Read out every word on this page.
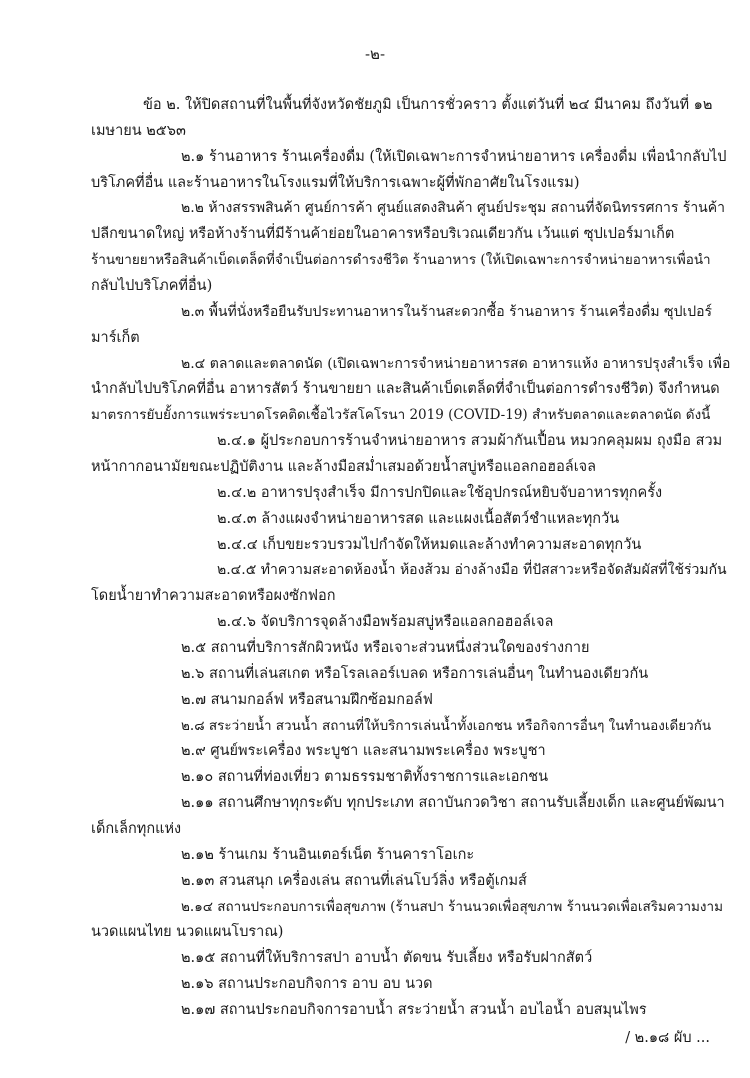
-๒-
ข้อ ๒. ให้ปิดสถานที่ในพื้นที่จังหวัดชัยภูมิ เป็นการชั่วคราว ตั้งแต่วันที่ ๒๔ มีนาคม ถึงวันที่ ๑๒
เมษายน ๒๕๖๓
๒.๑ ร้านอาหาร ร้านเครื่องดื่ม (ให้เปิดเฉพาะการจำหน่ายอาหาร เครื่องดื่ม เพื่อนำกลับไป
บริโภคที่อื่น และร้านอาหารในโรงแรมที่ให้บริการเฉพาะผู้ที่พักอาศัยในโรงแรม)
๒.๒ ห้างสรรพสินค้า ศูนย์การค้า ศูนย์แสดงสินค้า ศูนย์ประชุม สถานที่จัดนิทรรศการ ร้านค้า
ปลีกขนาดใหญ่ หรือห้างร้านที่มีร้านค้าย่อยในอาคารหรือบริเวณเดียวกัน เว้นแต่ ซุปเปอร์มาเก็ต
ร้านขายยาหรือสินค้าเบ็ดเตล็ดที่จำเป็นต่อการดำรงชีวิต ร้านอาหาร (ให้เปิดเฉพาะการจำหน่ายอาหารเพื่อนำ
กลับไปบริโภคที่อื่น)
๒.๓ พื้นที่นั่งหรือยืนรับประทานอาหารในร้านสะดวกซื้อ ร้านอาหาร ร้านเครื่องดื่ม ซุปเปอร์
มาร์เก็ต
๒.๔ ตลาดและตลาดนัด (เปิดเฉพาะการจำหน่ายอาหารสด อาหารแห้ง อาหารปรุงสำเร็จ เพื่อ
นำกลับไปบริโภคที่อื่น อาหารสัตว์ ร้านขายยา และสินค้าเบ็ดเตล็ดที่จำเป็นต่อการดำรงชีวิต) จึงกำหนด
มาตรการยับยั้งการแพร่ระบาดโรคติดเชื้อไวรัสโคโรนา 2019 (COVID-19) สำหรับตลาดและตลาดนัด ดังนี้
๒.๔.๑ ผู้ประกอบการร้านจำหน่ายอาหาร สวมผ้ากันเปื้อน หมวกคลุมผม ถุงมือ สวม
หน้ากากอนามัยขณะปฏิบัติงาน และล้างมือสม่ำเสมอด้วยน้ำสบู่หรือแอลกอฮอล์เจล
๒.๔.๒ อาหารปรุงสำเร็จ มีการปกปิดและใช้อุปกรณ์หยิบจับอาหารทุกครั้ง
๒.๔.๓ ล้างแผงจำหน่ายอาหารสด และแผงเนื้อสัตว์ชำแหละทุกวัน
๒.๔.๔ เก็บขยะรวบรวมไปกำจัดให้หมดและล้างทำความสะอาดทุกวัน
๒.๔.๕ ทำความสะอาดห้องน้ำ ห้องส้วม อ่างล้างมือ ที่ปัสสาวะหรือจัดสัมผัสที่ใช้ร่วมกัน
โดยน้ำยาทำความสะอาดหรือผงซักฟอก
๒.๔.๖ จัดบริการจุดล้างมือพร้อมสบู่หรือแอลกอฮอล์เจล
๒.๕ สถานที่บริการสักผิวหนัง หรือเจาะส่วนหนึ่งส่วนใดของร่างกาย
๒.๖ สถานที่เล่นสเกต หรือโรลเลอร์เบลด หรือการเล่นอื่นๆ ในทำนองเดียวกัน
๒.๗ สนามกอล์ฟ หรือสนามฝึกซ้อมกอล์ฟ
๒.๘ สระว่ายน้ำ สวนน้ำ สถานที่ให้บริการเล่นน้ำทั้งเอกชน หรือกิจการอื่นๆ ในทำนองเดียวกัน
๒.๙ ศูนย์พระเครื่อง พระบูชา และสนามพระเครื่อง พระบูชา
๒.๑๐ สถานที่ท่องเที่ยว ตามธรรมชาติทั้งราชการและเอกชน
๒.๑๑ สถานศึกษาทุกระดับ ทุกประเภท สถาบันกวดวิชา สถานรับเลี้ยงเด็ก และศูนย์พัฒนา
เด็กเล็กทุกแห่ง
๒.๑๒ ร้านเกม ร้านอินเตอร์เน็ต ร้านคาราโอเกะ
๒.๑๓ สวนสนุก เครื่องเล่น สถานที่เล่นโบว์ลิ่ง หรือตู้เกมส์
๒.๑๔ สถานประกอบการเพื่อสุขภาพ (ร้านสปา ร้านนวดเพื่อสุขภาพ ร้านนวดเพื่อเสริมความงาม
นวดแผนไทย นวดแผนโบราณ)
๒.๑๕ สถานที่ให้บริการสปา อาบน้ำ ตัดขน รับเลี้ยง หรือรับฝากสัตว์
๒.๑๖ สถานประกอบกิจการ อาบ อบ นวด
๒.๑๗ สถานประกอบกิจการอาบน้ำ สระว่ายน้ำ สวนน้ำ อบไอน้ำ อบสมุนไพร
/ ๒.๑๘ ผับ ...
